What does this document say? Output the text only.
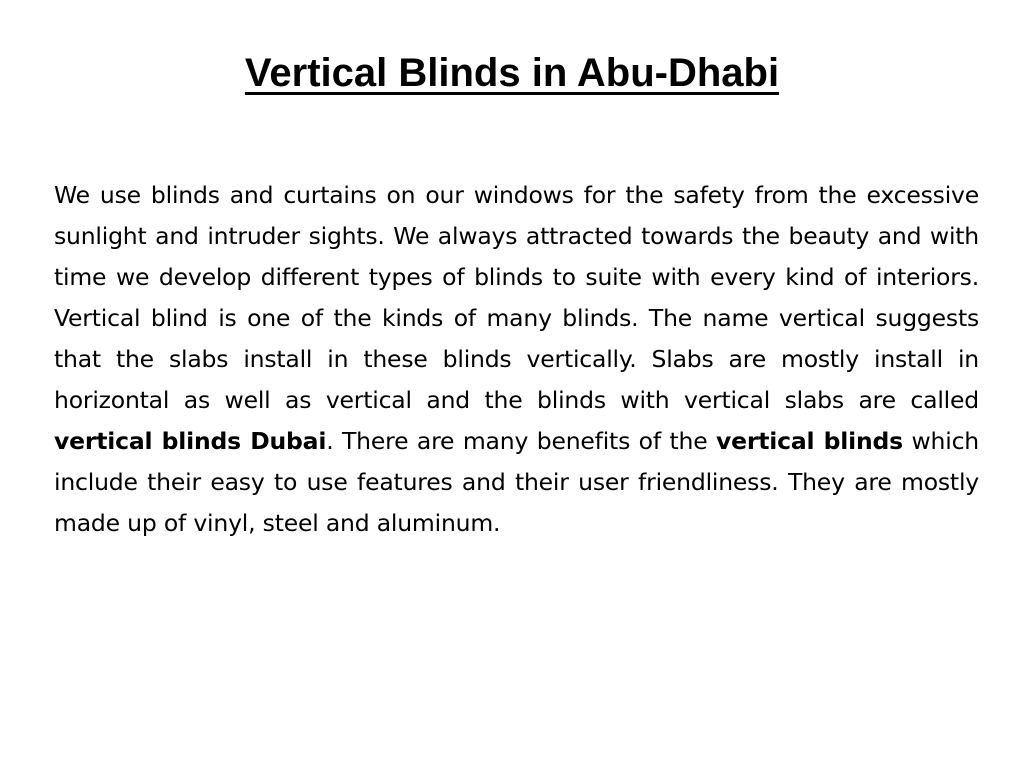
Vertical Blinds in Abu-Dhabi

We use blinds and curtains on our windows for the safety from the excessive sunlight and intruder sights. We always attracted towards the beauty and with time we develop different types of blinds to suite with every kind of interiors. Vertical blind is one of the kinds of many blinds. The name vertical suggests that the slabs install in these blinds vertically. Slabs are mostly install in horizontal as well as vertical and the blinds with vertical slabs are called vertical blinds Dubai. There are many benefits of the vertical blinds which include their easy to use features and their user friendliness. They are mostly made up of vinyl, steel and aluminum.
